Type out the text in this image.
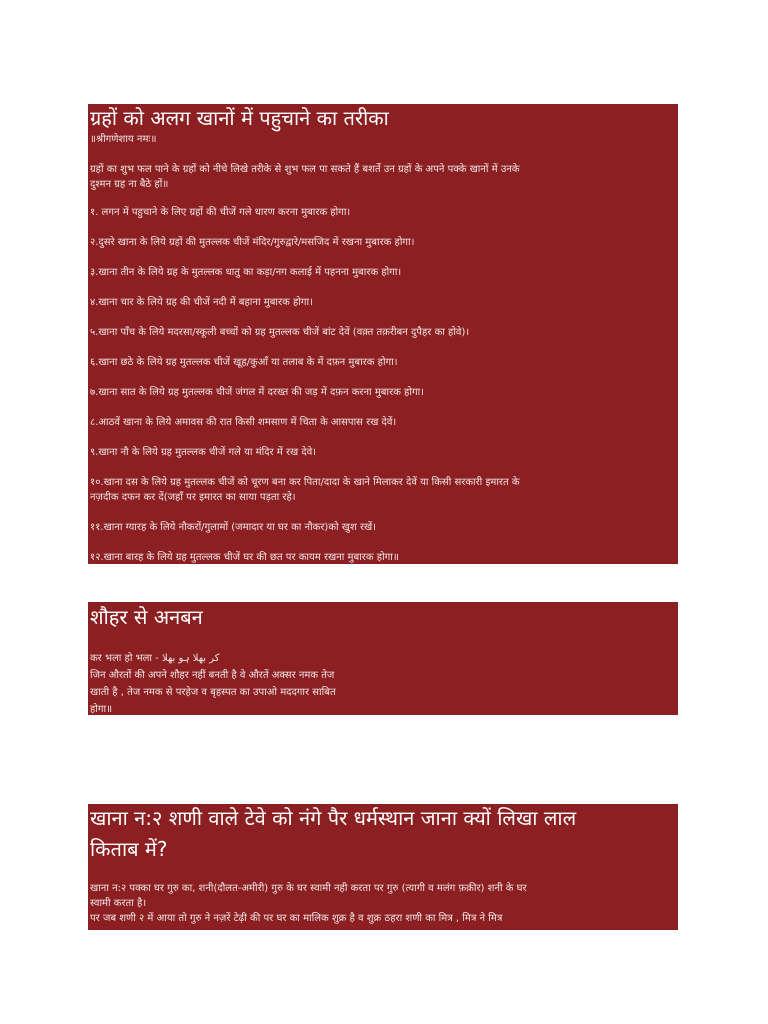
ग्रहों को अलग खानों में पहुचाने का तरीका

॥श्रीगणेशाय नमः॥

ग्रहों का शुभ फल पाने के ग्रहों को नीचे लिखे तरीके से शुभ फल पा सकते हैं बशर्ते उन ग्रहों के अपने पक्के खानों में उनके
दुश्मन ग्रह ना बैठे हों॥

१. लगन में पहुचाने के लिए ग्रहों की चीजें गले धारण करना मुबारक होगा।

२.दुसरे खाना के लिये ग्रहों की मुतल्लक चीजें मंदिर/गुरुद्वारे/मसजिद में रखना मुबारक होगा।

३.खाना तीन के लिये ग्रह के मुतल्लक धातु का कड़ा/नग कलाई में पहनना मुबारक होगा।

४.खाना चार के लिये ग्रह की चीजें नदी में बहाना मुबारक होगा।

५.खाना पाँच के लिये मदरसा/स्कूली बच्चों को ग्रह मुतल्लक चीजें बांट देवें (वक़्त तक़रीबन दुपैहर का होवे)।

६.खाना छठे के लिये ग्रह मुतल्लक चीजें खूह/कुआँ या तलाब के में दफ़न मुबारक होगा।

७.खाना सात के लिये ग्रह मुतल्लक चीजें जंगल में दरख्त की जड़ में दफ़न करना मुबारक होगा।

८.आठवें खाना के लिये अमावस की रात किसी शमसाण में चिता के आसपास रख देवें।

९.खाना नौ के लिये ग्रह मुतल्लक चीजें गले या मंदिर में रख देवे।

१०.खाना दस के लिये ग्रह मुतल्लक चीजें को चूरण बना कर पिता/दादा के खाने मिलाकर देवें या किसी सरकारी इमारत के
नज़दीक दफन कर दें(जहाँ पर इमारत का साया पड़ता रहे।

११.खाना ग्यारह के लिये नौकरों/गुलामों (जमादार या घर का नौकर)को खुश रखें।

१२.खाना बारह के लिये ग्रह मुतल्लक चीजें घर की छत पर कायम रखना मुबारक होगा॥

शौहर से अनबन
कर भला हो भला - كر بھلا ہو بھلا
जिन औरतों की अपने शौहर नहीं बनती है वे औरतें अक्सर नमक तेज
खाती है , तेज नमक से परहेज व बृहस्पत का उपाओ मददगार साबित
होगा॥
खाना न:२ शणी वाले टेवे को नंगे पैर धर्मस्थान जाना क्यों लिखा लाल
किताब में?
खाना न:२ पक्का घर गुरु का, शनी(दौलत-अमीरी) गुरु के घर स्वामी नही करता पर गुरु (त्यागी व मलंग फ़क़ीर) शनी के घर
स्वामी करता है।
पर जब शणी २ में आया तो गुरु ने नज़रें टेढ़ी की पर घर का मालिक शुक्र है व शुक्र ठहरा शणी का मित्र , मित्र ने मित्र
